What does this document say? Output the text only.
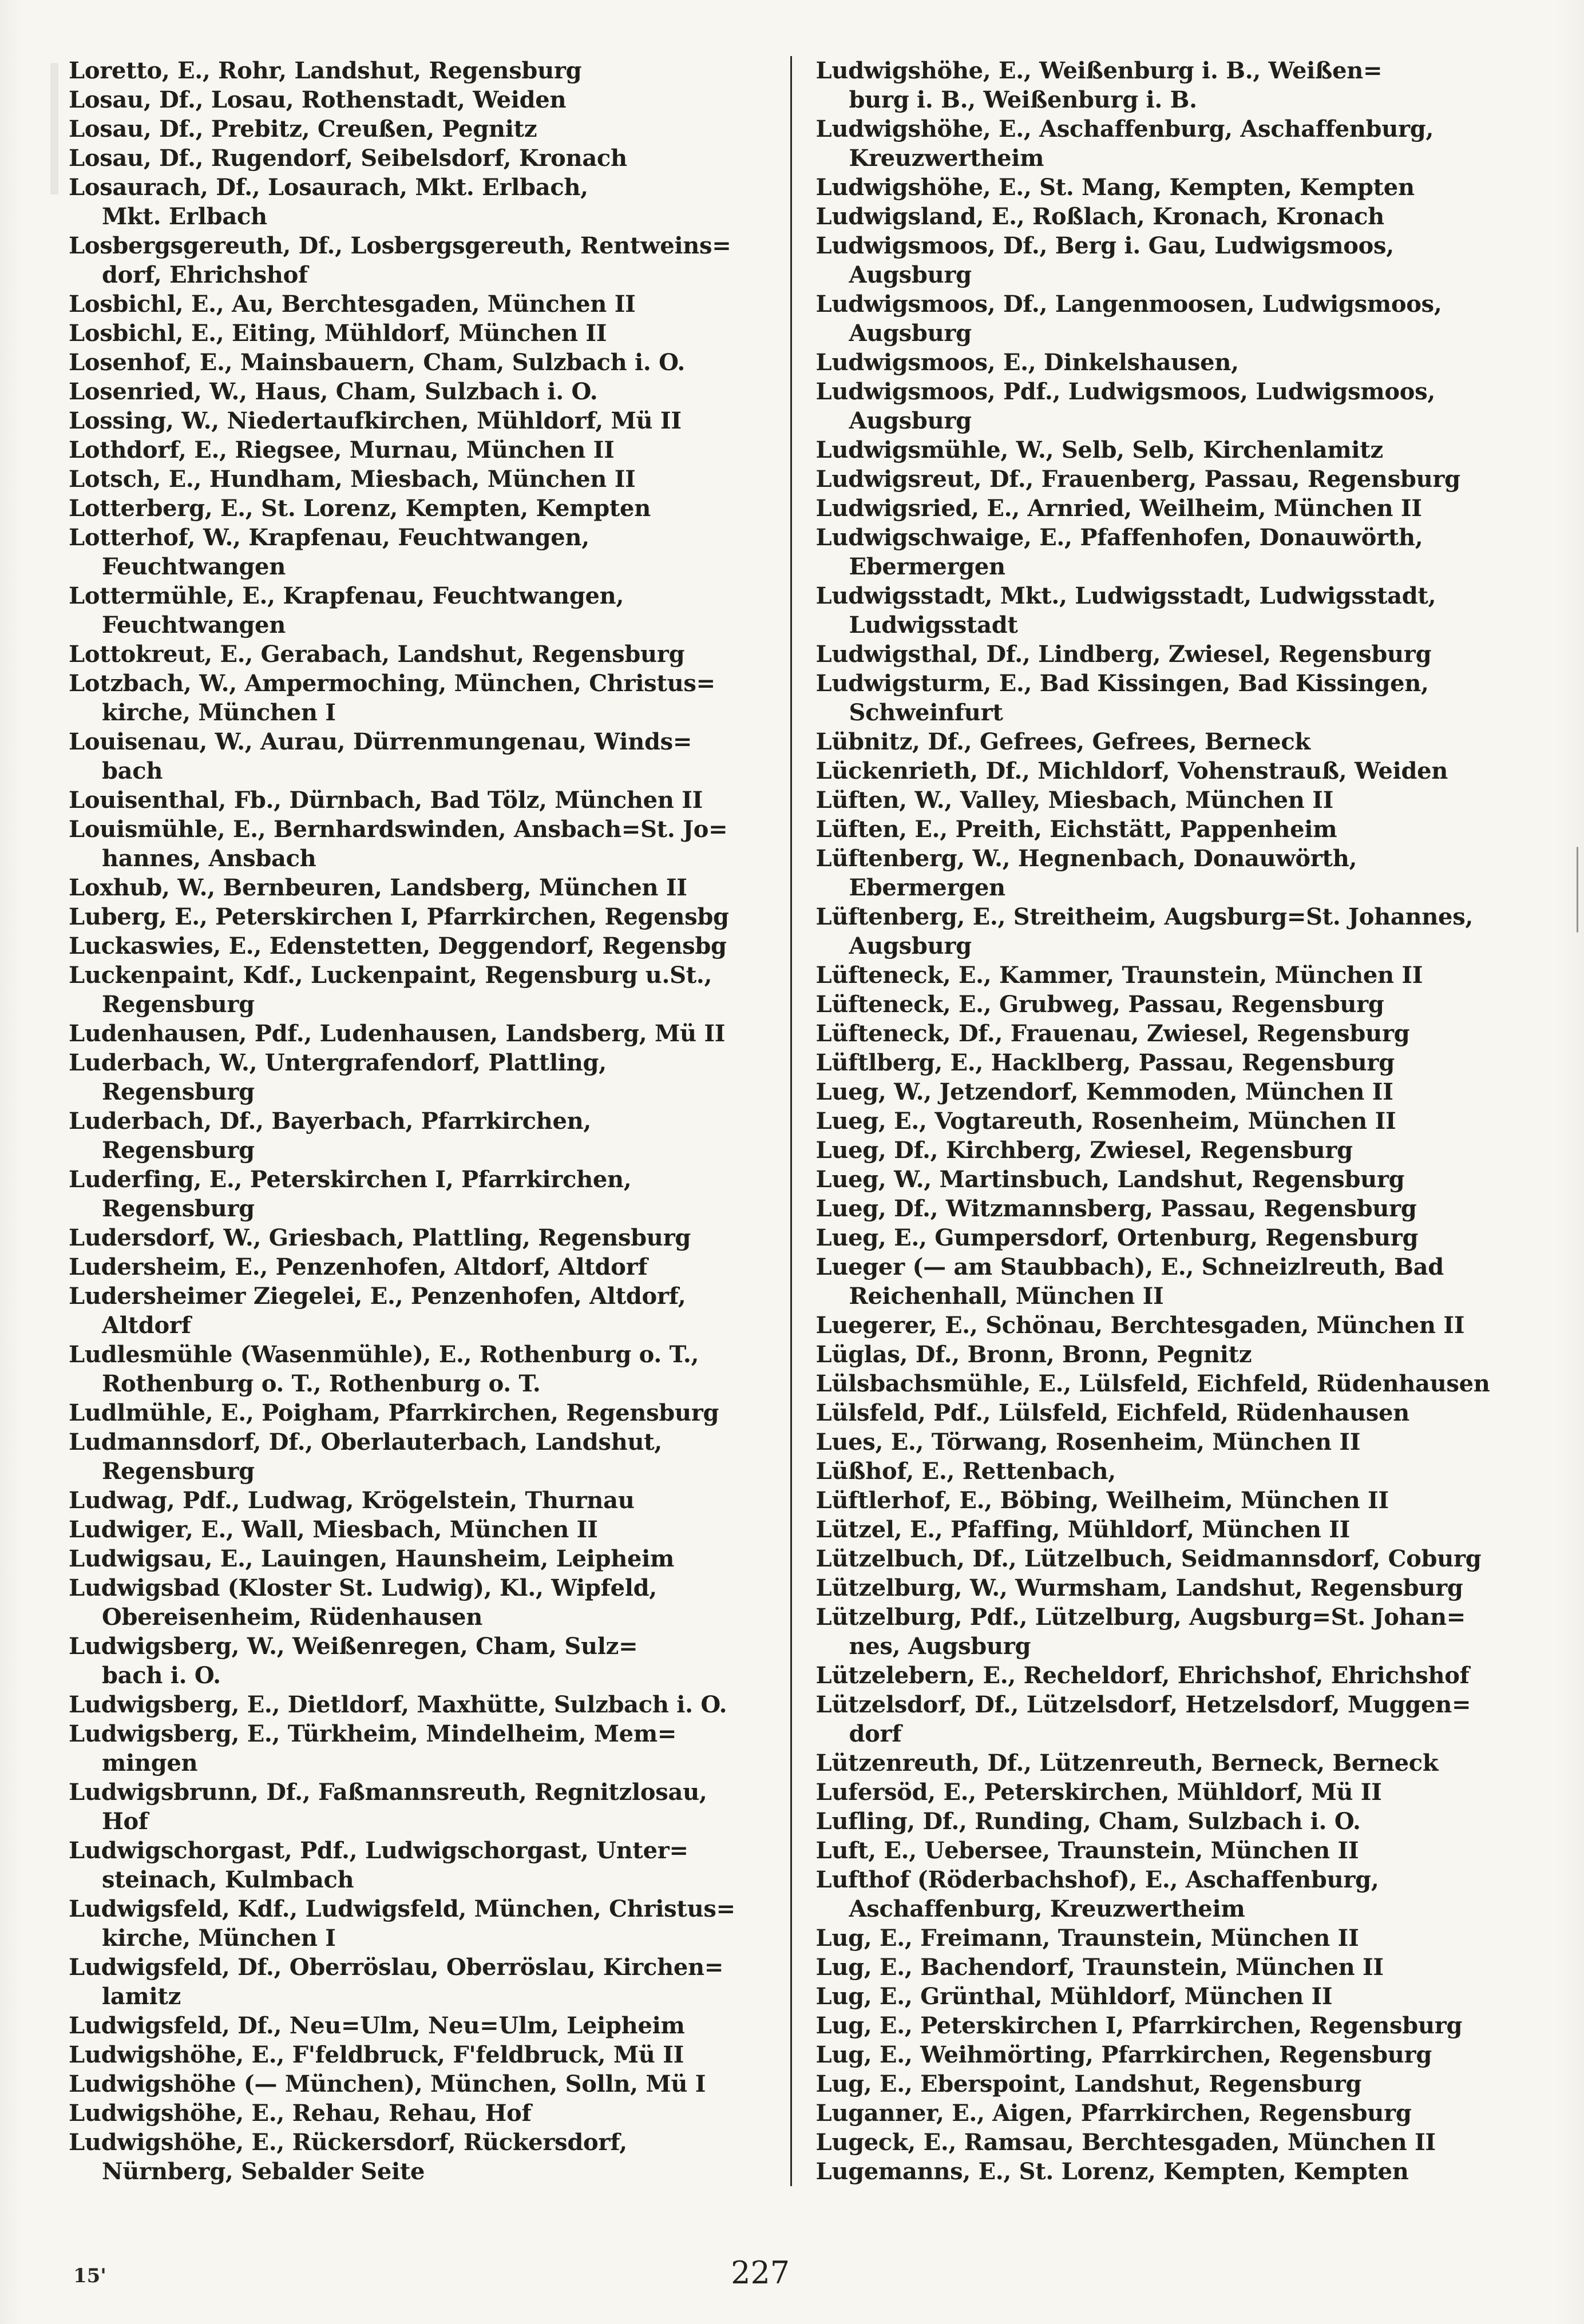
Loretto, E., Rohr, Landshut, Regensburg
Losau, Df., Losau, Rothenstadt, Weiden
Losau, Df., Prebitz, Creußen, Pegnitz
Losau, Df., Rugendorf, Seibelsdorf, Kronach
Losaurach, Df., Losaurach, Mkt. Erlbach,
Mkt. Erlbach
Losbergsgereuth, Df., Losbergsgereuth, Rentweins=
dorf, Ehrichshof
Losbichl, E., Au, Berchtesgaden, München II
Losbichl, E., Eiting, Mühldorf, München II
Losenhof, E., Mainsbauern, Cham, Sulzbach i. O.
Losenried, W., Haus, Cham, Sulzbach i. O.
Lossing, W., Niedertaufkirchen, Mühldorf, Mü II
Lothdorf, E., Riegsee, Murnau, München II
Lotsch, E., Hundham, Miesbach, München II
Lotterberg, E., St. Lorenz, Kempten, Kempten
Lotterhof, W., Krapfenau, Feuchtwangen,
Feuchtwangen
Lottermühle, E., Krapfenau, Feuchtwangen,
Feuchtwangen
Lottokreut, E., Gerabach, Landshut, Regensburg
Lotzbach, W., Ampermoching, München, Christus=
kirche, München I
Louisenau, W., Aurau, Dürrenmungenau, Winds=
bach
Louisenthal, Fb., Dürnbach, Bad Tölz, München II
Louismühle, E., Bernhardswinden, Ansbach=St. Jo=
hannes, Ansbach
Loxhub, W., Bernbeuren, Landsberg, München II
Luberg, E., Peterskirchen I, Pfarrkirchen, Regensbg
Luckaswies, E., Edenstetten, Deggendorf, Regensbg
Luckenpaint, Kdf., Luckenpaint, Regensburg u.St.,
Regensburg
Ludenhausen, Pdf., Ludenhausen, Landsberg, Mü II
Luderbach, W., Untergrafendorf, Plattling,
Regensburg
Luderbach, Df., Bayerbach, Pfarrkirchen,
Regensburg
Luderfing, E., Peterskirchen I, Pfarrkirchen,
Regensburg
Ludersdorf, W., Griesbach, Plattling, Regensburg
Ludersheim, E., Penzenhofen, Altdorf, Altdorf
Ludersheimer Ziegelei, E., Penzenhofen, Altdorf,
Altdorf
Ludlesmühle (Wasenmühle), E., Rothenburg o. T.,
Rothenburg o. T., Rothenburg o. T.
Ludlmühle, E., Poigham, Pfarrkirchen, Regensburg
Ludmannsdorf, Df., Oberlauterbach, Landshut,
Regensburg
Ludwag, Pdf., Ludwag, Krögelstein, Thurnau
Ludwiger, E., Wall, Miesbach, München II
Ludwigsau, E., Lauingen, Haunsheim, Leipheim
Ludwigsbad (Kloster St. Ludwig), Kl., Wipfeld,
Obereisenheim, Rüdenhausen
Ludwigsberg, W., Weißenregen, Cham, Sulz=
bach i. O.
Ludwigsberg, E., Dietldorf, Maxhütte, Sulzbach i. O.
Ludwigsberg, E., Türkheim, Mindelheim, Mem=
mingen
Ludwigsbrunn, Df., Faßmannsreuth, Regnitzlosau,
Hof
Ludwigschorgast, Pdf., Ludwigschorgast, Unter=
steinach, Kulmbach
Ludwigsfeld, Kdf., Ludwigsfeld, München, Christus=
kirche, München I
Ludwigsfeld, Df., Oberröslau, Oberröslau, Kirchen=
lamitz
Ludwigsfeld, Df., Neu=Ulm, Neu=Ulm, Leipheim
Ludwigshöhe, E., F'feldbruck, F'feldbruck, Mü II
Ludwigshöhe (— München), München, Solln, Mü I
Ludwigshöhe, E., Rehau, Rehau, Hof
Ludwigshöhe, E., Rückersdorf, Rückersdorf,
Nürnberg, Sebalder Seite
Ludwigshöhe, E., Weißenburg i. B., Weißen=
burg i. B., Weißenburg i. B.
Ludwigshöhe, E., Aschaffenburg, Aschaffenburg,
Kreuzwertheim
Ludwigshöhe, E., St. Mang, Kempten, Kempten
Ludwigsland, E., Roßlach, Kronach, Kronach
Ludwigsmoos, Df., Berg i. Gau, Ludwigsmoos,
Augsburg
Ludwigsmoos, Df., Langenmoosen, Ludwigsmoos,
Augsburg
Ludwigsmoos, E., Dinkelshausen,
Ludwigsmoos, Pdf., Ludwigsmoos, Ludwigsmoos,
Augsburg
Ludwigsmühle, W., Selb, Selb, Kirchenlamitz
Ludwigsreut, Df., Frauenberg, Passau, Regensburg
Ludwigsried, E., Arnried, Weilheim, München II
Ludwigschwaige, E., Pfaffenhofen, Donauwörth,
Ebermergen
Ludwigsstadt, Mkt., Ludwigsstadt, Ludwigsstadt,
Ludwigsstadt
Ludwigsthal, Df., Lindberg, Zwiesel, Regensburg
Ludwigsturm, E., Bad Kissingen, Bad Kissingen,
Schweinfurt
Lübnitz, Df., Gefrees, Gefrees, Berneck
Lückenrieth, Df., Michldorf, Vohenstrauß, Weiden
Lüften, W., Valley, Miesbach, München II
Lüften, E., Preith, Eichstätt, Pappenheim
Lüftenberg, W., Hegnenbach, Donauwörth,
Ebermergen
Lüftenberg, E., Streitheim, Augsburg=St. Johannes,
Augsburg
Lüfteneck, E., Kammer, Traunstein, München II
Lüfteneck, E., Grubweg, Passau, Regensburg
Lüfteneck, Df., Frauenau, Zwiesel, Regensburg
Lüftlberg, E., Hacklberg, Passau, Regensburg
Lueg, W., Jetzendorf, Kemmoden, München II
Lueg, E., Vogtareuth, Rosenheim, München II
Lueg, Df., Kirchberg, Zwiesel, Regensburg
Lueg, W., Martinsbuch, Landshut, Regensburg
Lueg, Df., Witzmannsberg, Passau, Regensburg
Lueg, E., Gumpersdorf, Ortenburg, Regensburg
Lueger (— am Staubbach), E., Schneizlreuth, Bad
Reichenhall, München II
Luegerer, E., Schönau, Berchtesgaden, München II
Lüglas, Df., Bronn, Bronn, Pegnitz
Lülsbachsmühle, E., Lülsfeld, Eichfeld, Rüdenhausen
Lülsfeld, Pdf., Lülsfeld, Eichfeld, Rüdenhausen
Lues, E., Törwang, Rosenheim, München II
Lüßhof, E., Rettenbach,
Lüftlerhof, E., Böbing, Weilheim, München II
Lützel, E., Pfaffing, Mühldorf, München II
Lützelbuch, Df., Lützelbuch, Seidmannsdorf, Coburg
Lützelburg, W., Wurmsham, Landshut, Regensburg
Lützelburg, Pdf., Lützelburg, Augsburg=St. Johan=
nes, Augsburg
Lützelebern, E., Recheldorf, Ehrichshof, Ehrichshof
Lützelsdorf, Df., Lützelsdorf, Hetzelsdorf, Muggen=
dorf
Lützenreuth, Df., Lützenreuth, Berneck, Berneck
Lufersöd, E., Peterskirchen, Mühldorf, Mü II
Lufling, Df., Runding, Cham, Sulzbach i. O.
Luft, E., Uebersee, Traunstein, München II
Lufthof (Röderbachshof), E., Aschaffenburg,
Aschaffenburg, Kreuzwertheim
Lug, E., Freimann, Traunstein, München II
Lug, E., Bachendorf, Traunstein, München II
Lug, E., Grünthal, Mühldorf, München II
Lug, E., Peterskirchen I, Pfarrkirchen, Regensburg
Lug, E., Weihmörting, Pfarrkirchen, Regensburg
Lug, E., Eberspoint, Landshut, Regensburg
Luganner, E., Aigen, Pfarrkirchen, Regensburg
Lugeck, E., Ramsau, Berchtesgaden, München II
Lugemanns, E., St. Lorenz, Kempten, Kempten
15'	227
